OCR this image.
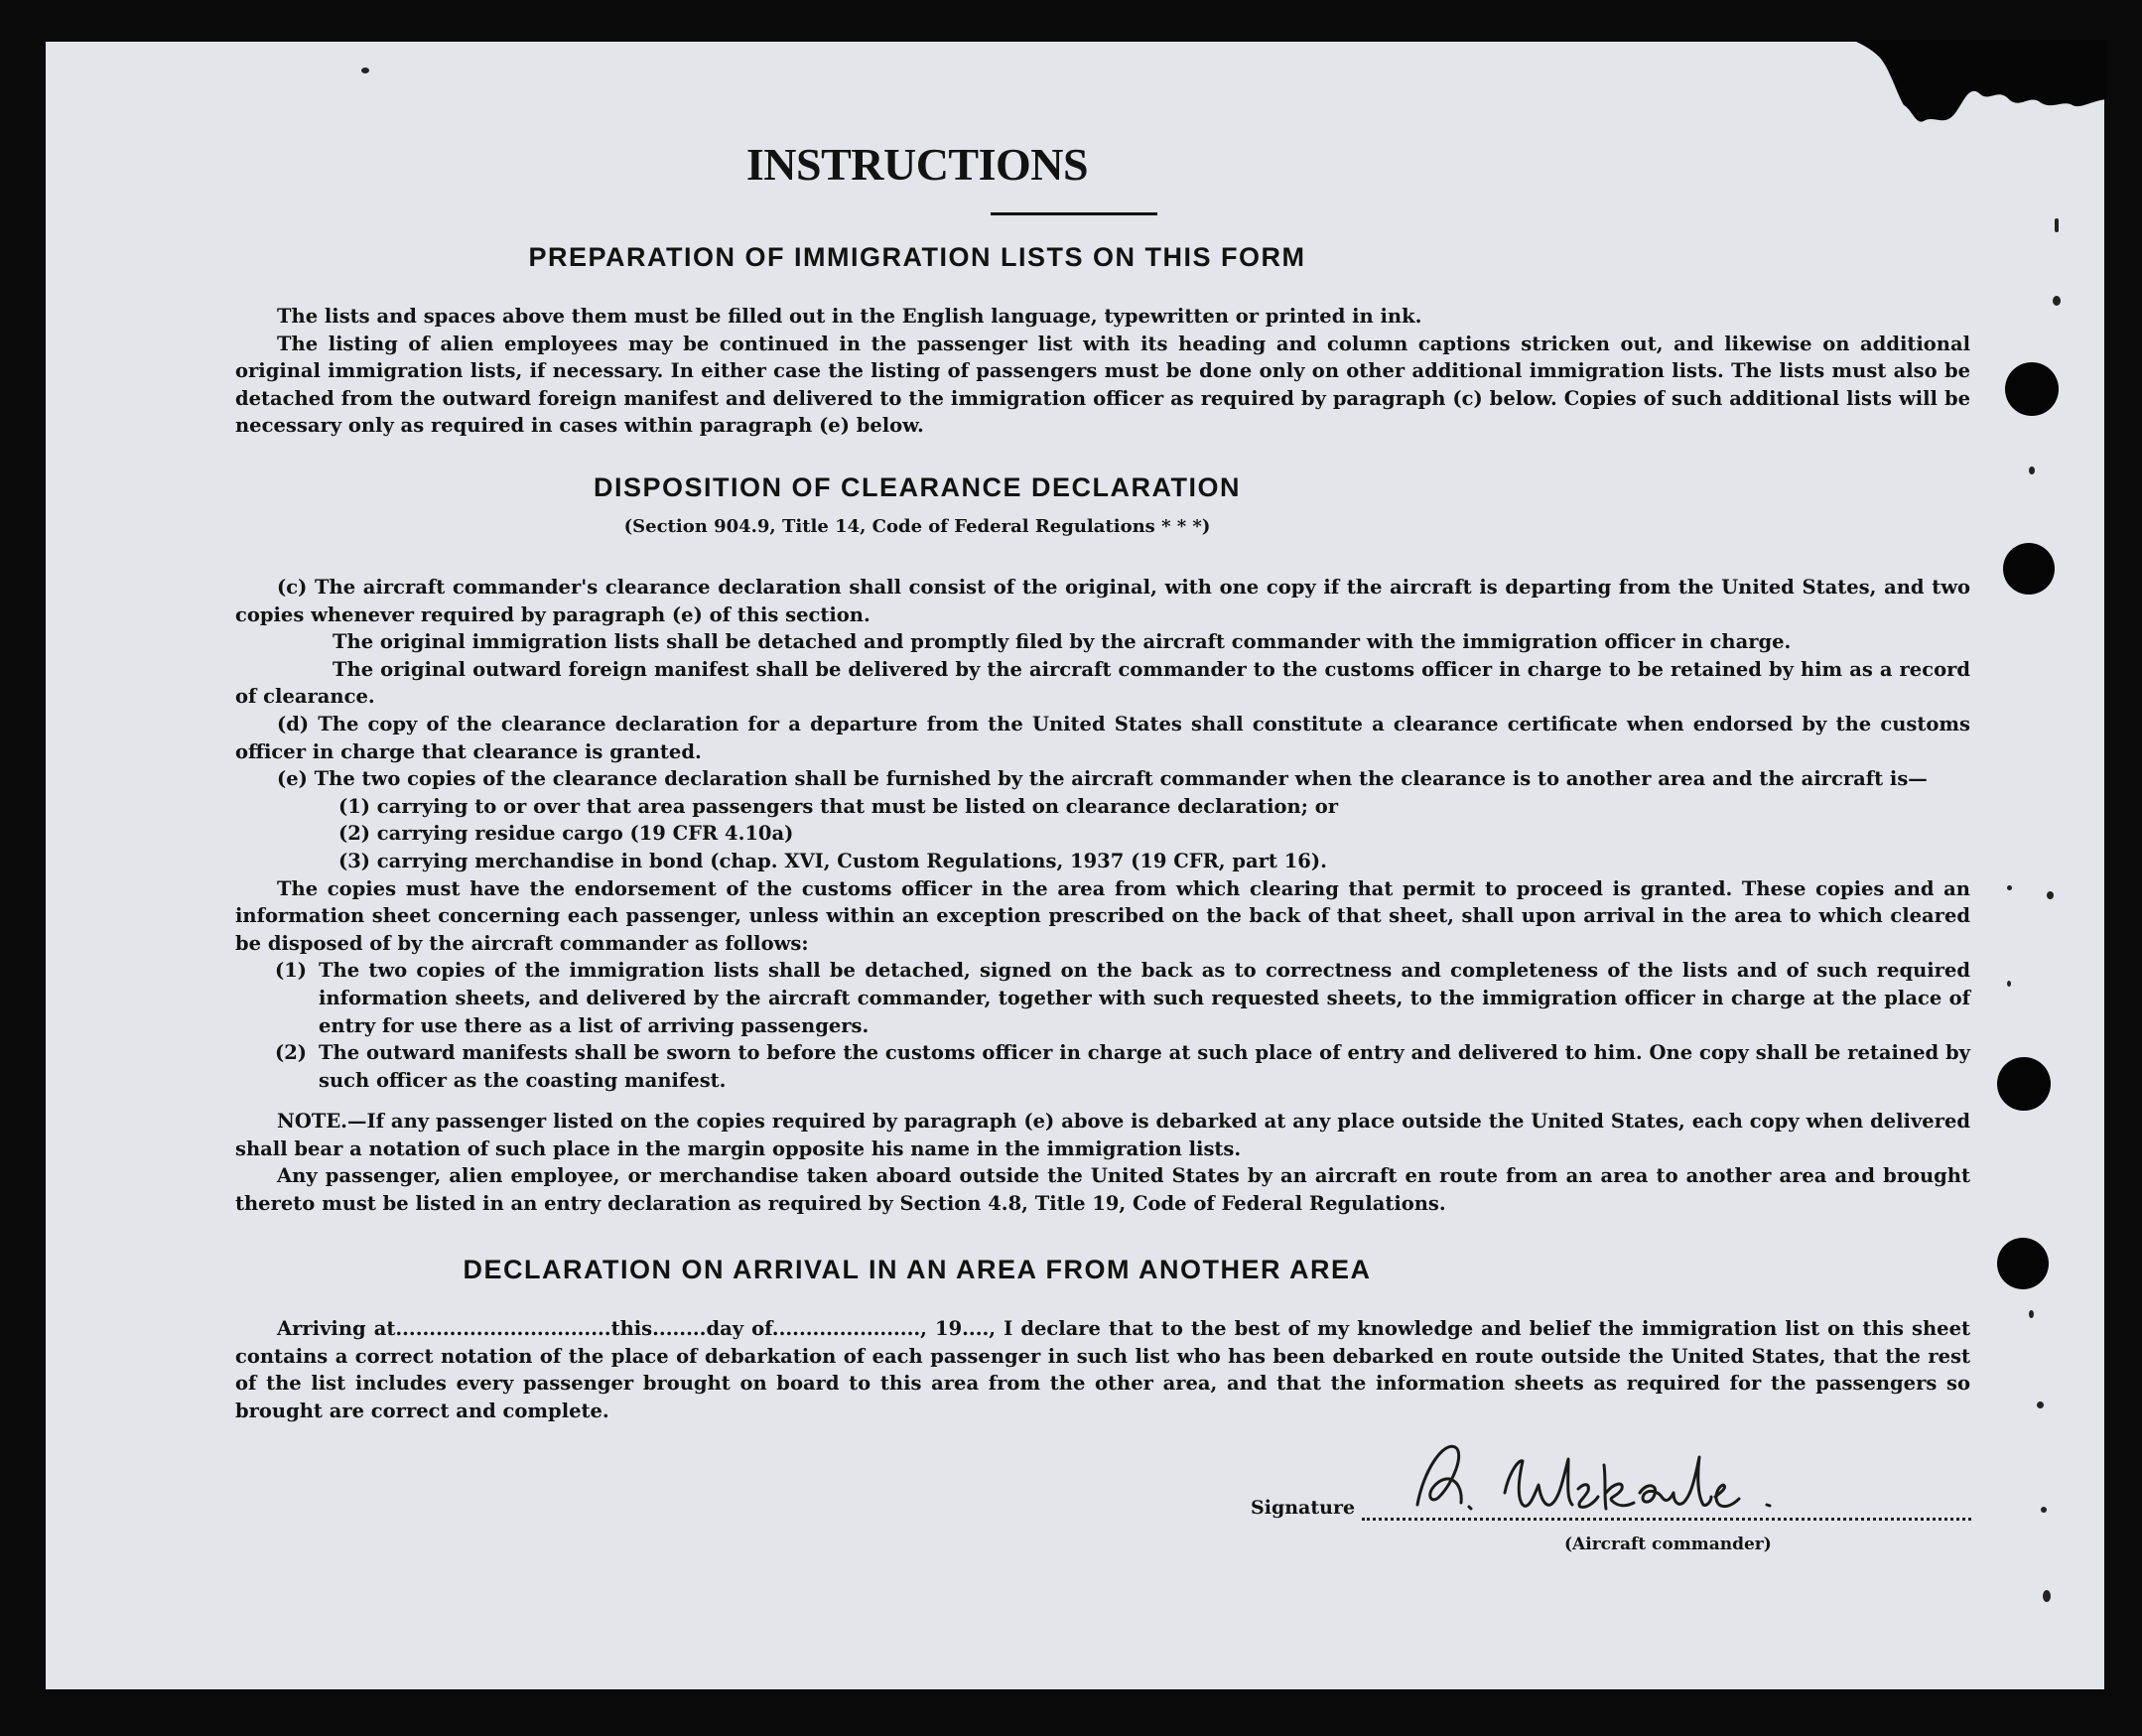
INSTRUCTIONS
PREPARATION OF IMMIGRATION LISTS ON THIS FORM
The lists and spaces above them must be filled out in the English language, typewritten or printed in ink.
The listing of alien employees may be continued in the passenger list with its heading and column captions stricken out, and likewise on additional original immigration lists, if necessary. In either case the listing of passengers must be done only on other additional immigration lists. The lists must also be detached from the outward foreign manifest and delivered to the immigration officer as required by paragraph (c) below. Copies of such additional lists will be necessary only as required in cases within paragraph (e) below.
DISPOSITION OF CLEARANCE DECLARATION
(Section 904.9, Title 14, Code of Federal Regulations * * *)
(c) The aircraft commander's clearance declaration shall consist of the original, with one copy if the aircraft is departing from the United States, and two copies whenever required by paragraph (e) of this section.
The original immigration lists shall be detached and promptly filed by the aircraft commander with the immigration officer in charge.
The original outward foreign manifest shall be delivered by the aircraft commander to the customs officer in charge to be retained by him as a record of clearance.
(d) The copy of the clearance declaration for a departure from the United States shall constitute a clearance certificate when endorsed by the customs officer in charge that clearance is granted.
(e) The two copies of the clearance declaration shall be furnished by the aircraft commander when the clearance is to another area and the aircraft is—
(1) carrying to or over that area passengers that must be listed on clearance declaration; or
(2) carrying residue cargo (19 CFR 4.10a)
(3) carrying merchandise in bond (chap. XVI, Custom Regulations, 1937 (19 CFR, part 16).
The copies must have the endorsement of the customs officer in the area from which clearing that permit to proceed is granted. These copies and an information sheet concerning each passenger, unless within an exception prescribed on the back of that sheet, shall upon arrival in the area to which cleared be disposed of by the aircraft commander as follows:
(1) The two copies of the immigration lists shall be detached, signed on the back as to correctness and completeness of the lists and of such required information sheets, and delivered by the aircraft commander, together with such requested sheets, to the immigration officer in charge at the place of entry for use there as a list of arriving passengers.
(2) The outward manifests shall be sworn to before the customs officer in charge at such place of entry and delivered to him. One copy shall be retained by such officer as the coasting manifest.
NOTE.—If any passenger listed on the copies required by paragraph (e) above is debarked at any place outside the United States, each copy when delivered shall bear a notation of such place in the margin opposite his name in the immigration lists.
Any passenger, alien employee, or merchandise taken aboard outside the United States by an aircraft en route from an area to another area and brought thereto must be listed in an entry declaration as required by Section 4.8, Title 19, Code of Federal Regulations.
DECLARATION ON ARRIVAL IN AN AREA FROM ANOTHER AREA
Arriving at................................this........day of......................, 19...., I declare that to the best of my knowledge and belief the immigration list on this sheet contains a correct notation of the place of debarkation of each passenger in such list who has been debarked en route outside the United States, that the rest of the list includes every passenger brought on board to this area from the other area, and that the information sheets as required for the passengers so brought are correct and complete.
Signature
(Aircraft commander)
